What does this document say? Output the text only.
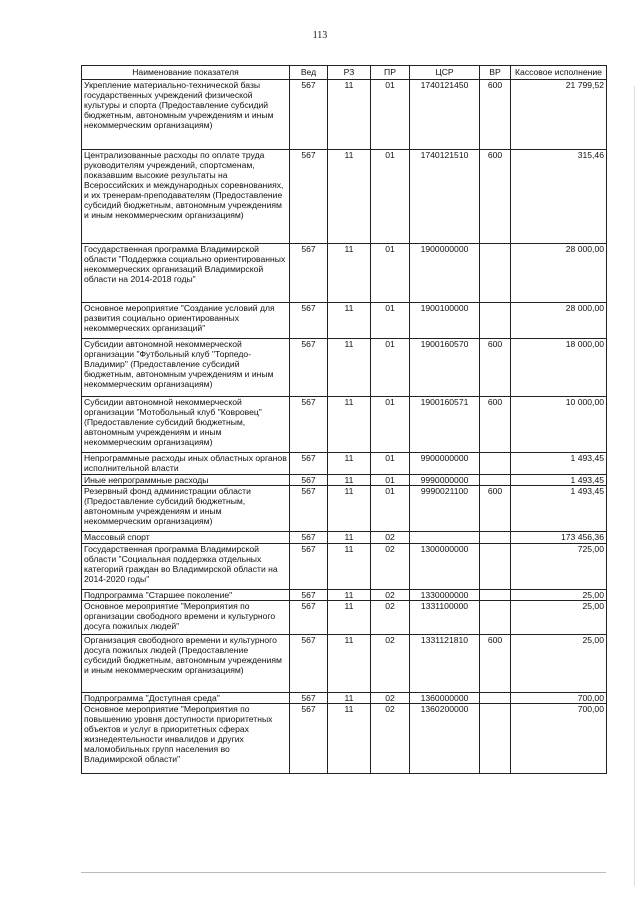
113
Наименование показателя	Вед	РЗ	ПР	ЦСР	ВР	Кассовое исполнение
Укрепление материально-технической базы государственных учреждений физической культуры и спорта (Предоставление субсидий бюджетным, автономным учреждениям и иным некоммерческим организациям)	567	11	01	1740121450	600	21 799,52
Централизованные расходы по оплате труда руководителям учреждений, спортсменам, показавшим высокие результаты на Всероссийских и международных соревнованиях, и их тренерам-преподавателям (Предоставление субсидий бюджетным, автономным учреждениям и иным некоммерческим организациям)	567	11	01	1740121510	600	315,46
Государственная программа Владимирской области "Поддержка социально ориентированных некоммерческих организаций Владимирской области на 2014-2018 годы"	567	11	01	1900000000		28 000,00
Основное мероприятие "Создание условий для развития социально ориентированных некоммерческих организаций"	567	11	01	1900100000		28 000,00
Субсидии автономной некоммерческой организации "Футбольный клуб "Торпедо-Владимир" (Предоставление субсидий бюджетным, автономным учреждениям и иным некоммерческим организациям)	567	11	01	1900160570	600	18 000,00
Субсидии автономной некоммерческой организации "Мотобольный клуб "Ковровец" (Предоставление субсидий бюджетным, автономным учреждениям и иным некоммерческим организациям)	567	11	01	1900160571	600	10 000,00
Непрограммные расходы иных областных органов исполнительной власти	567	11	01	9900000000		1 493,45
Иные непрограммные расходы	567	11	01	9990000000		1 493,45
Резервный фонд администрации области (Предоставление субсидий бюджетным, автономным учреждениям и иным некоммерческим организациям)	567	11	01	9990021100	600	1 493,45
Массовый спорт	567	11	02			173 456,36
Государственная программа Владимирской области "Социальная поддержка отдельных категорий граждан во Владимирской области на 2014-2020 годы"	567	11	02	1300000000		725,00
Подпрограмма "Старшее поколение"	567	11	02	1330000000		25,00
Основное мероприятие "Мероприятия по организации свободного времени и культурного досуга пожилых людей"	567	11	02	1331100000		25,00
Организация свободного времени и культурного досуга пожилых людей (Предоставление субсидий бюджетным, автономным учреждениям и иным некоммерческим организациям)	567	11	02	1331121810	600	25,00
Подпрограмма "Доступная среда"	567	11	02	1360000000		700,00
Основное мероприятие "Мероприятия по повышению уровня доступности приоритетных объектов и услуг в приоритетных сферах жизнедеятельности инвалидов и других маломобильных групп населения во Владимирской области"	567	11	02	1360200000		700,00
